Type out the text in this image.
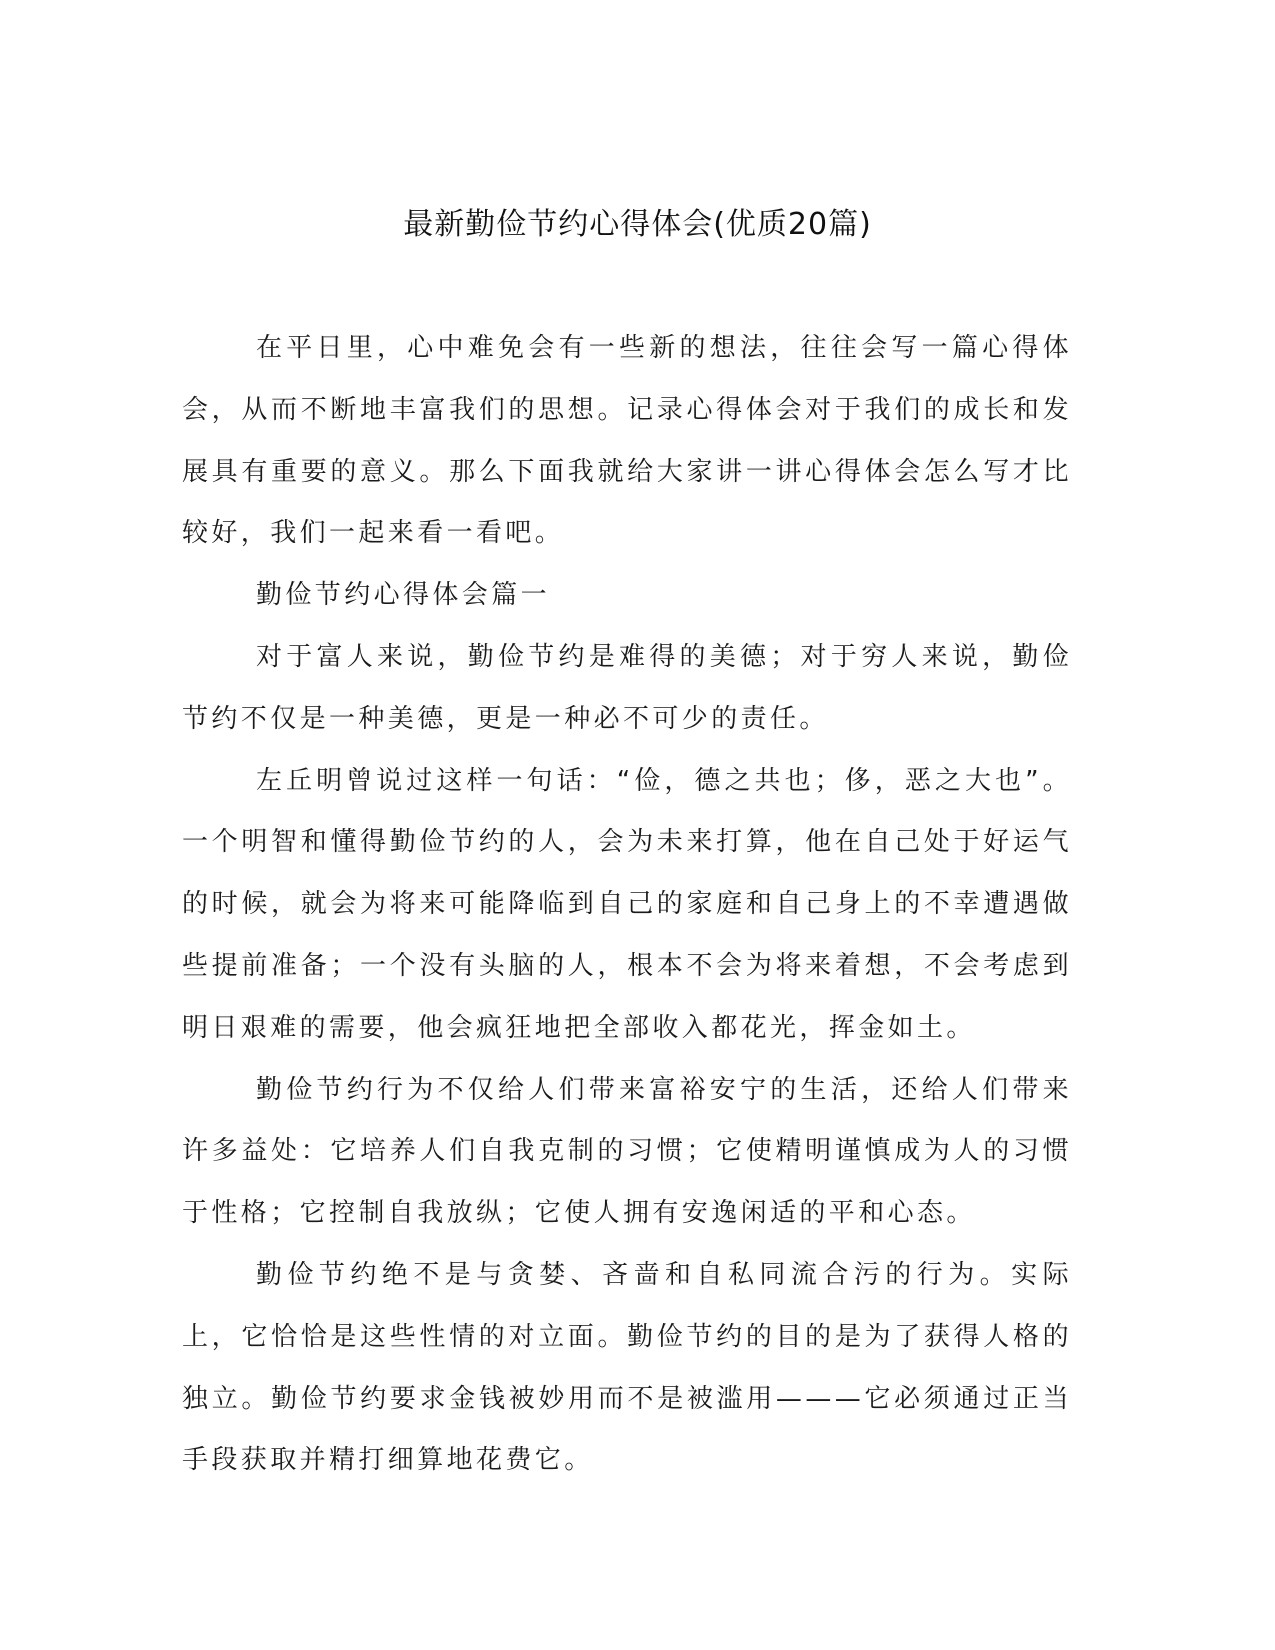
最新勤俭节约心得体会(优质20篇)

在平日里，心中难免会有一些新的想法，往往会写一篇心得体会，从而不断地丰富我们的思想。记录心得体会对于我们的成长和发展具有重要的意义。那么下面我就给大家讲一讲心得体会怎么写才比较好，我们一起来看一看吧。

勤俭节约心得体会篇一

对于富人来说，勤俭节约是难得的美德；对于穷人来说，勤俭节约不仅是一种美德，更是一种必不可少的责任。

左丘明曾说过这样一句话：“俭，德之共也；侈，恶之大也”。一个明智和懂得勤俭节约的人，会为未来打算，他在自己处于好运气的时候，就会为将来可能降临到自己的家庭和自己身上的不幸遭遇做些提前准备；一个没有头脑的人，根本不会为将来着想，不会考虑到明日艰难的需要，他会疯狂地把全部收入都花光，挥金如土。

勤俭节约行为不仅给人们带来富裕安宁的生活，还给人们带来许多益处：它培养人们自我克制的习惯；它使精明谨慎成为人的习惯于性格；它控制自我放纵；它使人拥有安逸闲适的平和心态。

勤俭节约绝不是与贪婪、吝啬和自私同流合污的行为。实际上，它恰恰是这些性情的对立面。勤俭节约的目的是为了获得人格的独立。勤俭节约要求金钱被妙用而不是被滥用———它必须通过正当手段获取并精打细算地花费它。
